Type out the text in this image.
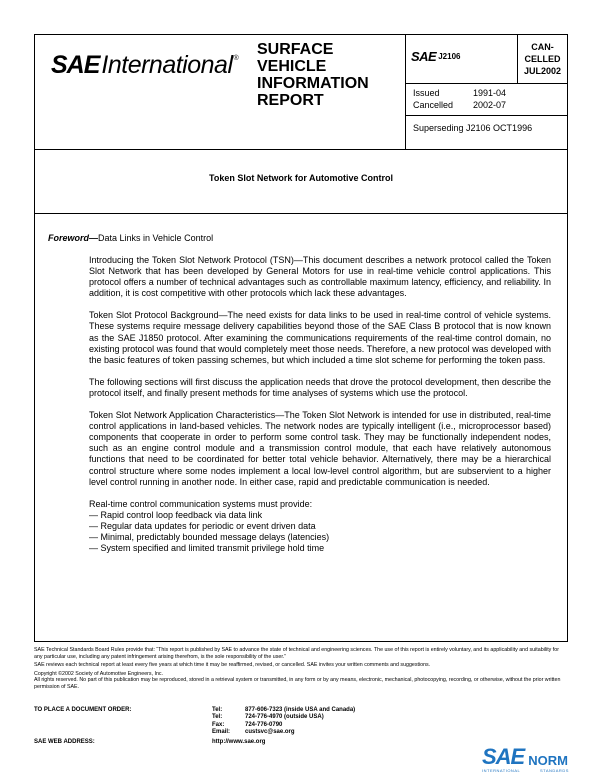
SAE International ®
SURFACE
VEHICLE
INFORMATION
REPORT
SAE J2106
CAN-
CELLED
JUL2002
Issued	1991-04
Cancelled	2002-07
Superseding J2106 OCT1996
Token Slot Network for Automotive Control
Foreword—Data Links in Vehicle Control

Introducing the Token Slot Network Protocol (TSN)—This document describes a network protocol called the Token Slot Network that has been developed by General Motors for use in real-time vehicle control applications. This protocol offers a number of technical advantages such as controllable maximum latency, efficiency, and reliability. In addition, it is cost competitive with other protocols which lack these advantages.

Token Slot Protocol Background—The need exists for data links to be used in real-time control of vehicle systems. These systems require message delivery capabilities beyond those of the SAE Class B protocol that is now known as the SAE J1850 protocol. After examining the communications requirements of the real-time control domain, no existing protocol was found that would completely meet those needs. Therefore, a new protocol was developed with the basic features of token passing schemes, but which included a time slot scheme for performing the token pass.

The following sections will first discuss the application needs that drove the protocol development, then describe the protocol itself, and finally present methods for time analyses of systems which use the protocol.

Token Slot Network Application Characteristics—The Token Slot Network is intended for use in distributed, real-time control applications in land-based vehicles. The network nodes are typically intelligent (i.e., microprocessor based) components that cooperate in order to perform some control task. They may be functionally independent nodes, such as an engine control module and a transmission control module, that each have relatively autonomous functions that need to be coordinated for better total vehicle behavior. Alternatively, there may be a hierarchical control structure where some nodes implement a local low-level control algorithm, but are subservient to a higher level control running in another node. In either case, rapid and predictable communication is needed.

Real-time control communication systems must provide:

— Rapid control loop feedback via data link

— Regular data updates for periodic or event driven data

— Minimal, predictably bounded message delays (latencies)

— System specified and limited transmit privilege hold time

SAE Technical Standards Board Rules provide that: “This report is published by SAE to advance the state of technical and engineering sciences. The use of this report is entirely voluntary, and its applicability and suitability for any particular use, including any patent infringement arising therefrom, is the sole responsibility of the user.”

SAE reviews each technical report at least every five years at which time it may be reaffirmed, revised, or cancelled. SAE invites your written comments and suggestions.

Copyright ©2002 Society of Automotive Engineers, Inc.

All rights reserved. No part of this publication may be reproduced, stored in a retrieval system or transmitted, in any form or by any means, electronic, mechanical, photocopying, recording, or otherwise, without the prior written permission of SAE.

TO PLACE A DOCUMENT ORDER:	Tel:	877-606-7323 (inside USA and Canada)
Tel:	724-776-4970 (outside USA)
Fax:	724-776-0790
Email:	custsvc@sae.org
SAE WEB ADDRESS:	http://www.sae.org
SAE NORM
INTERNATIONAL	STANDARDS
